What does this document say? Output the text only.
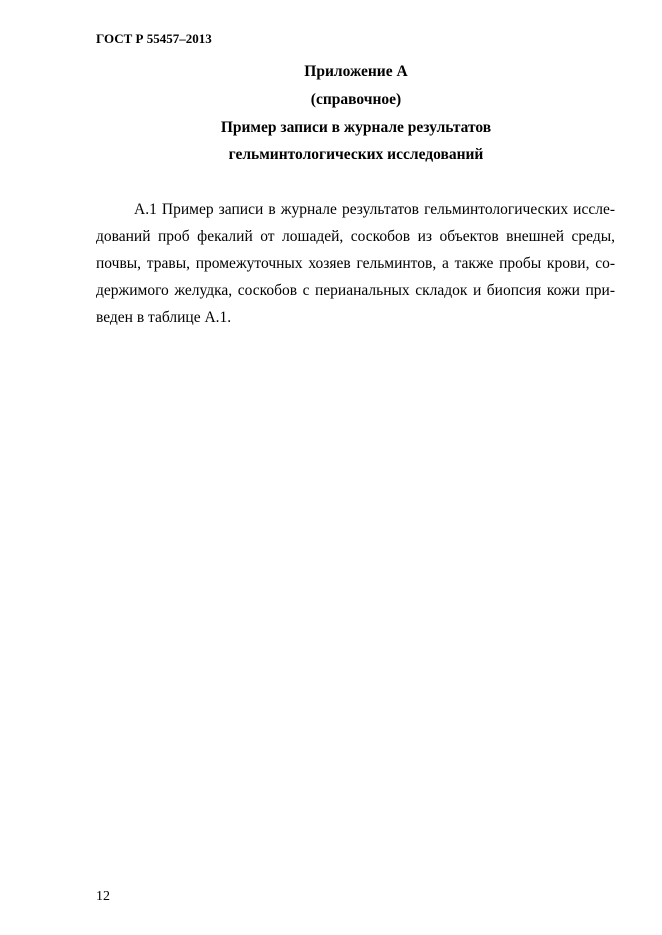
ГОСТ Р 55457–2013
Приложение А
(справочное)
Пример записи в журнале результатов
гельминтологических исследований
А.1 Пример записи в журнале результатов гельминтологических иссле-
дований проб фекалий от лошадей, соскобов из объектов внешней среды,
почвы, травы, промежуточных хозяев гельминтов, а также пробы крови, со-
держимого желудка, соскобов с перианальных складок и биопсия кожи при-
веден в таблице А.1.
12
